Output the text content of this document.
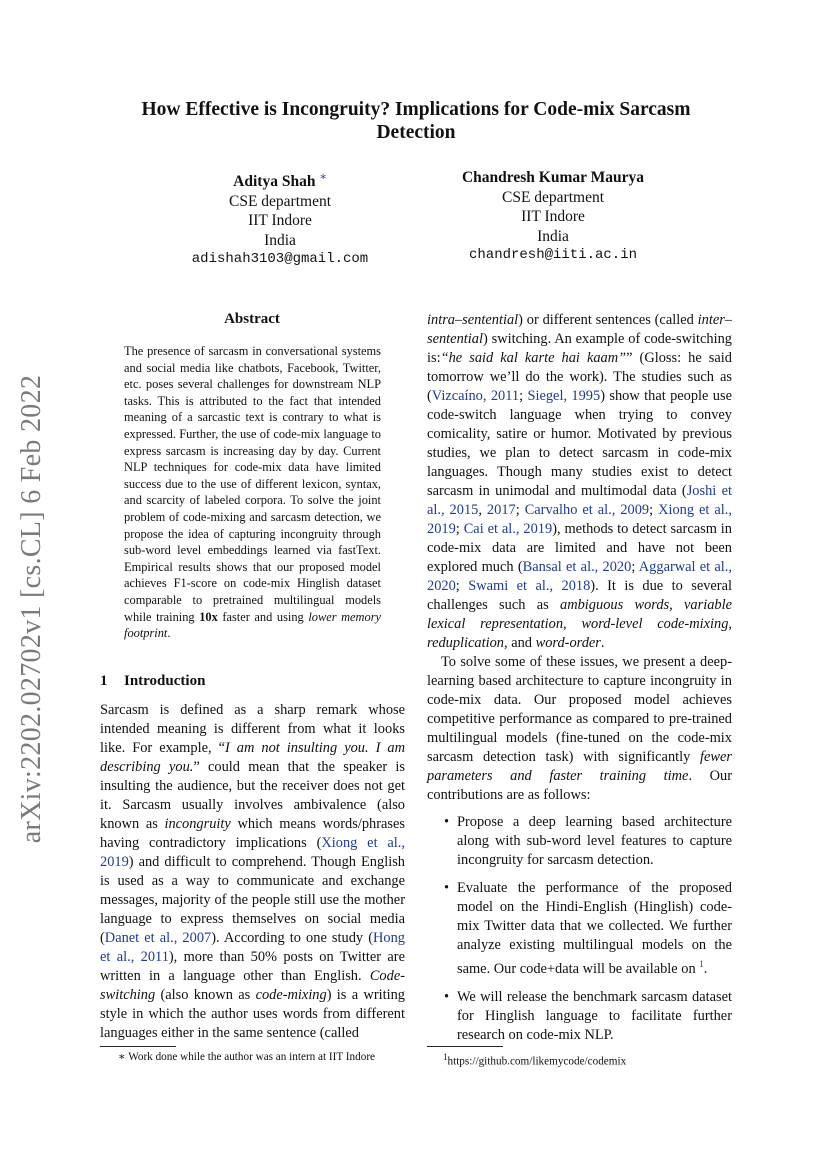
arXiv:2202.02702v1 [cs.CL] 6 Feb 2022
How Effective is Incongruity? Implications for Code-mix Sarcasm Detection
Aditya Shah ∗
CSE department
IIT Indore
India
adishah3103@gmail.com
Chandresh Kumar Maurya
CSE department
IIT Indore
India
chandresh@iiti.ac.in
Abstract
The presence of sarcasm in conversational systems and social media like chatbots, Facebook, Twitter, etc. poses several challenges for downstream NLP tasks. This is attributed to the fact that intended meaning of a sarcastic text is contrary to what is expressed. Further, the use of code-mix language to express sarcasm is increasing day by day. Current NLP techniques for code-mix data have limited success due to the use of different lexicon, syntax, and scarcity of labeled corpora. To solve the joint problem of code-mixing and sarcasm detection, we propose the idea of capturing incongruity through sub-word level embeddings learned via fastText. Empirical results shows that our proposed model achieves F1-score on code-mix Hinglish dataset comparable to pretrained multilingual models while training 10x faster and using lower memory footprint.
1 Introduction

Sarcasm is defined as a sharp remark whose intended meaning is different from what it looks like. For example, “I am not insulting you. I am describing you.” could mean that the speaker is insulting the audience, but the receiver does not get it. Sarcasm usually involves ambivalence (also known as incongruity which means words/phrases having contradictory implications (Xiong et al., 2019) and difficult to comprehend. Though English is used as a way to communicate and exchange messages, majority of the people still use the mother language to express themselves on social media (Danet et al., 2007). According to one study (Hong et al., 2011), more than 50% posts on Twitter are written in a language other than English. Code-switching (also known as code-mixing) is a writing style in which the author uses words from different languages either in the same sentence (called

intra–sentential) or different sentences (called inter–sentential) switching. An example of code-switching is:“he said kal karte hai kaam”” (Gloss: he said tomorrow we’ll do the work). The studies such as (Vizcaíno, 2011; Siegel, 1995) show that people use code-switch language when trying to convey comicality, satire or humor. Motivated by previous studies, we plan to detect sarcasm in code-mix languages. Though many studies exist to detect sarcasm in unimodal and multimodal data (Joshi et al., 2015, 2017; Carvalho et al., 2009; Xiong et al., 2019; Cai et al., 2019), methods to detect sarcasm in code-mix data are limited and have not been explored much (Bansal et al., 2020; Aggarwal et al., 2020; Swami et al., 2018). It is due to several challenges such as ambiguous words, variable lexical representation, word-level code-mixing, reduplication, and word-order.

To solve some of these issues, we present a deep-learning based architecture to capture incongruity in code-mix data. Our proposed model achieves competitive performance as compared to pre-trained multilingual models (fine-tuned on the code-mix sarcasm detection task) with significantly fewer parameters and faster training time. Our contributions are as follows:

• Propose a deep learning based architecture along with sub-word level features to capture incongruity for sarcasm detection.
• Evaluate the performance of the proposed model on the Hindi-English (Hinglish) code-mix Twitter data that we collected. We further analyze existing multilingual models on the same. Our code+data will be available on $^1$.
• We will release the benchmark sarcasm dataset for Hinglish language to facilitate further research on code-mix NLP.
∗ Work done while the author was an intern at IIT Indore	$^1$https://github.com/likemycode/codemix
